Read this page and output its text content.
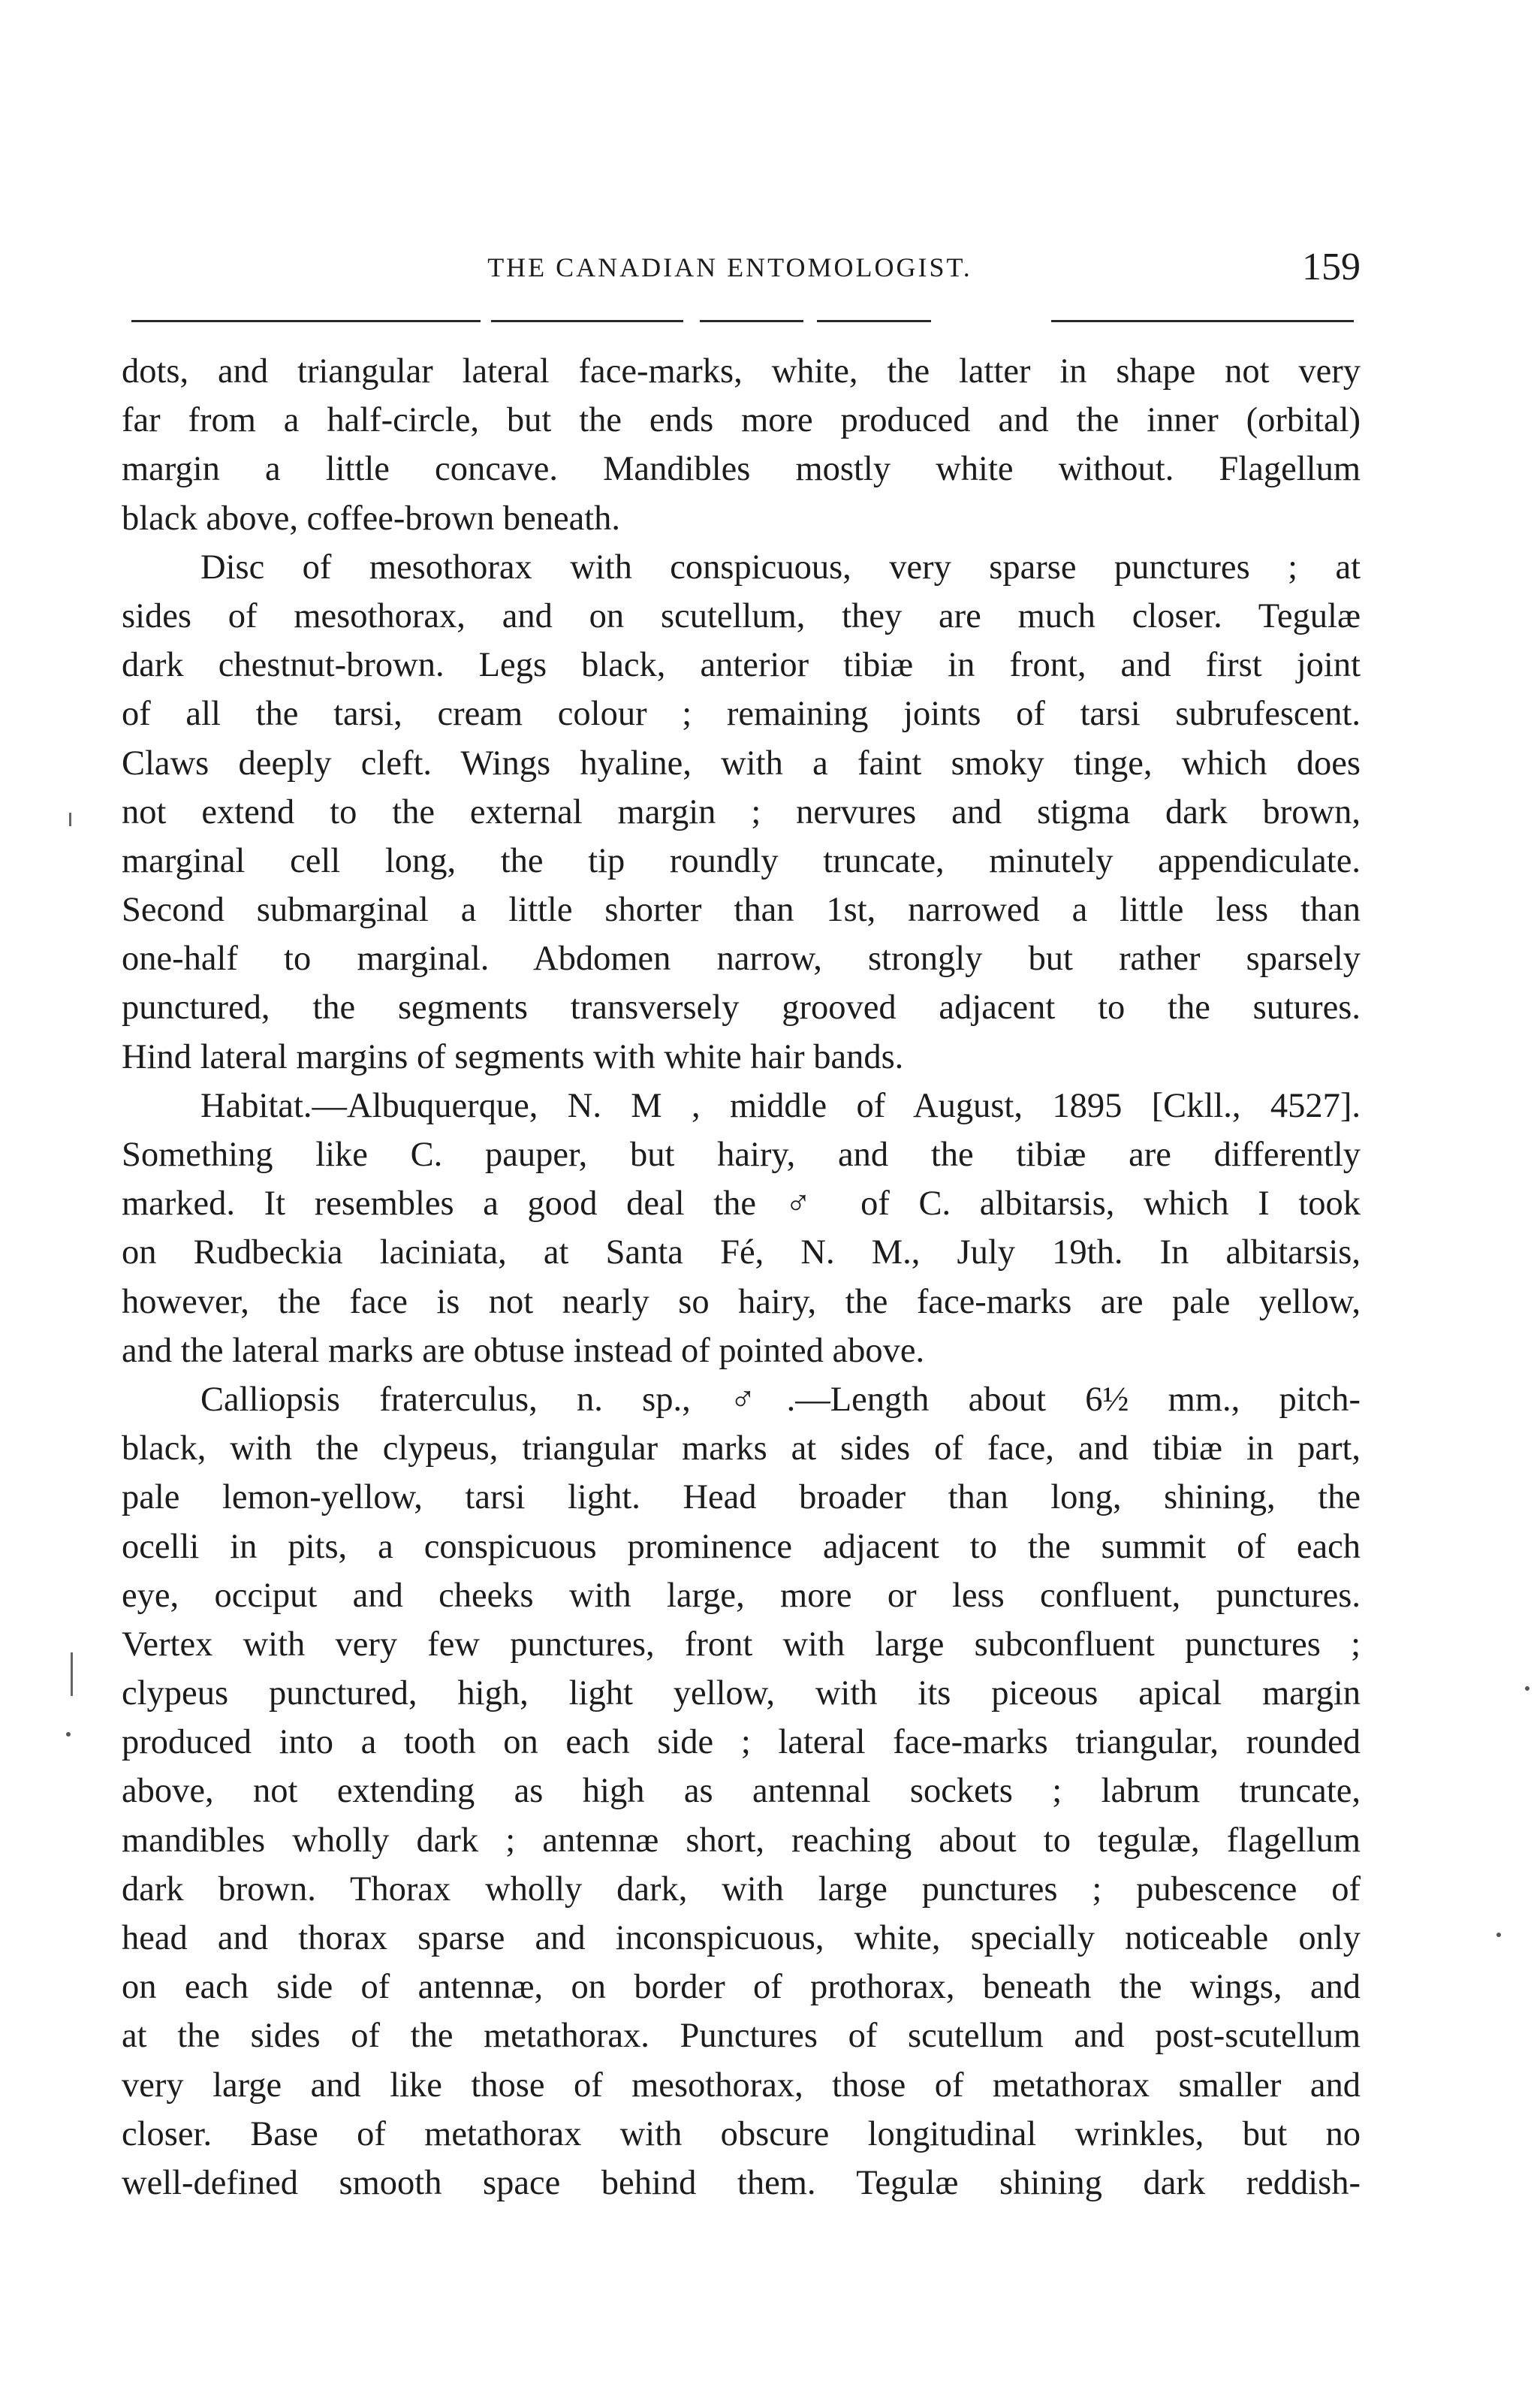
THE CANADIAN ENTOMOLOGIST.	159
dots, and triangular lateral face-marks, white, the latter in shape not very
far from a half-circle, but the ends more produced and the inner (orbital)
margin a little concave. Mandibles mostly white without. Flagellum
black above, coffee-brown beneath.
Disc of mesothorax with conspicuous, very sparse punctures ; at
sides of mesothorax, and on scutellum, they are much closer. Tegulæ
dark chestnut-brown. Legs black, anterior tibiæ in front, and first joint
of all the tarsi, cream colour ; remaining joints of tarsi subrufescent.
Claws deeply cleft. Wings hyaline, with a faint smoky tinge, which does
not extend to the external margin ; nervures and stigma dark brown,
marginal cell long, the tip roundly truncate, minutely appendiculate.
Second submarginal a little shorter than 1st, narrowed a little less than
one-half to marginal. Abdomen narrow, strongly but rather sparsely
punctured, the segments transversely grooved adjacent to the sutures.
Hind lateral margins of segments with white hair bands.
Habitat.—Albuquerque, N. M , middle of August, 1895 [Ckll., 4527].
Something like C. pauper, but hairy, and the tibiæ are differently
marked. It resembles a good deal the ♂ of C. albitarsis, which I took
on Rudbeckia laciniata, at Santa Fé, N. M., July 19th. In albitarsis,
however, the face is not nearly so hairy, the face-marks are pale yellow,
and the lateral marks are obtuse instead of pointed above.
Calliopsis fraterculus, n. sp., ♂.—Length about 6½ mm., pitch-
black, with the clypeus, triangular marks at sides of face, and tibiæ in part,
pale lemon-yellow, tarsi light. Head broader than long, shining, the
ocelli in pits, a conspicuous prominence adjacent to the summit of each
eye, occiput and cheeks with large, more or less confluent, punctures.
Vertex with very few punctures, front with large subconfluent punctures ;
clypeus punctured, high, light yellow, with its piceous apical margin
produced into a tooth on each side ; lateral face-marks triangular, rounded
above, not extending as high as antennal sockets ; labrum truncate,
mandibles wholly dark ; antennæ short, reaching about to tegulæ, flagellum
dark brown. Thorax wholly dark, with large punctures ; pubescence of
head and thorax sparse and inconspicuous, white, specially noticeable only
on each side of antennæ, on border of prothorax, beneath the wings, and
at the sides of the metathorax. Punctures of scutellum and post-scutellum
very large and like those of mesothorax, those of metathorax smaller and
closer. Base of metathorax with obscure longitudinal wrinkles, but no
well-defined smooth space behind them. Tegulæ shining dark reddish-
